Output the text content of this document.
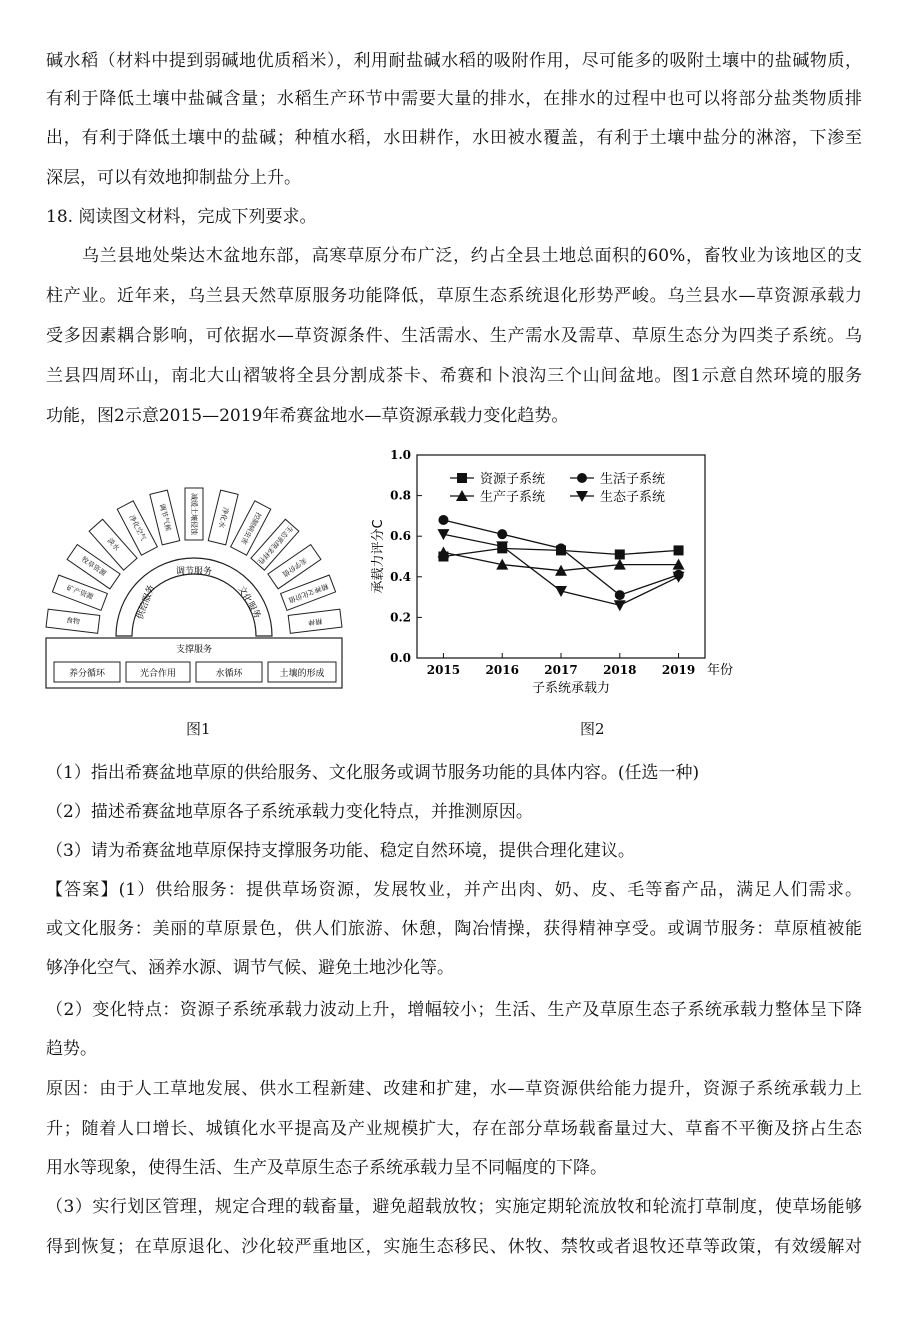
碱水稻（材料中提到弱碱地优质稻米），利用耐盐碱水稻的吸附作用，尽可能多的吸附土壤中的盐碱物质，
有利于降低土壤中盐碱含量；水稻生产环节中需要大量的排水，在排水的过程中也可以将部分盐类物质排
出，有利于降低土壤中的盐碱；种植水稻，水田耕作，水田被水覆盖，有利于土壤中盐分的淋溶，下渗至
深层，可以有效地抑制盐分上升。
18. 阅读图文材料，完成下列要求。
乌兰县地处柴达木盆地东部，高寒草原分布广泛，约占全县土地总面积的60%，畜牧业为该地区的支
柱产业。近年来，乌兰县天然草原服务功能降低，草原生态系统退化形势严峻。乌兰县水—草资源承载力
受多因素耦合影响，可依据水—草资源条件、生活需水、生产需水及需草、草原生态分为四类子系统。乌
兰县四周环山，南北大山褶皱将全县分割成茶卡、希赛和卜浪沟三个山间盆地。图1示意自然环境的服务
功能，图2示意2015—2019年希赛盆地水—草资源承载力变化趋势。
支撑服务
养分循环	光合作用	水循环	土壤的形成
供给服务
调节服务
文化服务
食物
矿产资源
牧草资源
淡水
净化空气 调节气候	减缓土壤侵蚀	净化水 控制病虫害
生态系统多样性
美学价值
精神文化价值
精神
图1
0.0
0.2
0.4
0.6
0.8
1.0
2015 2016 2017 2018 2019 年份
子系统承载力
承载力评分C
资源子系统	生活子系统
生产子系统	生态子系统
图2
（1）指出希赛盆地草原的供给服务、文化服务或调节服务功能的具体内容。(任选一种)
（2）描述希赛盆地草原各子系统承载力变化特点，并推测原因。
（3）请为希赛盆地草原保持支撑服务功能、稳定自然环境，提供合理化建议。
【答案】(1）供给服务：提供草场资源，发展牧业，并产出肉、奶、皮、毛等畜产品，满足人们需求。
或文化服务：美丽的草原景色，供人们旅游、休憩，陶冶情操，获得精神享受。或调节服务：草原植被能
够净化空气、涵养水源、调节气候、避免土地沙化等。
（2）变化特点：资源子系统承载力波动上升，增幅较小；生活、生产及草原生态子系统承载力整体呈下降
趋势。
原因：由于人工草地发展、供水工程新建、改建和扩建，水—草资源供给能力提升，资源子系统承载力上
升；随着人口增长、城镇化水平提高及产业规模扩大，存在部分草场载畜量过大、草畜不平衡及挤占生态
用水等现象，使得生活、生产及草原生态子系统承载力呈不同幅度的下降。
（3）实行划区管理，规定合理的载畜量，避免超载放牧；实施定期轮流放牧和轮流打草制度，使草场能够
得到恢复；在草原退化、沙化较严重地区，实施生态移民、休牧、禁牧或者退牧还草等政策，有效缓解对
